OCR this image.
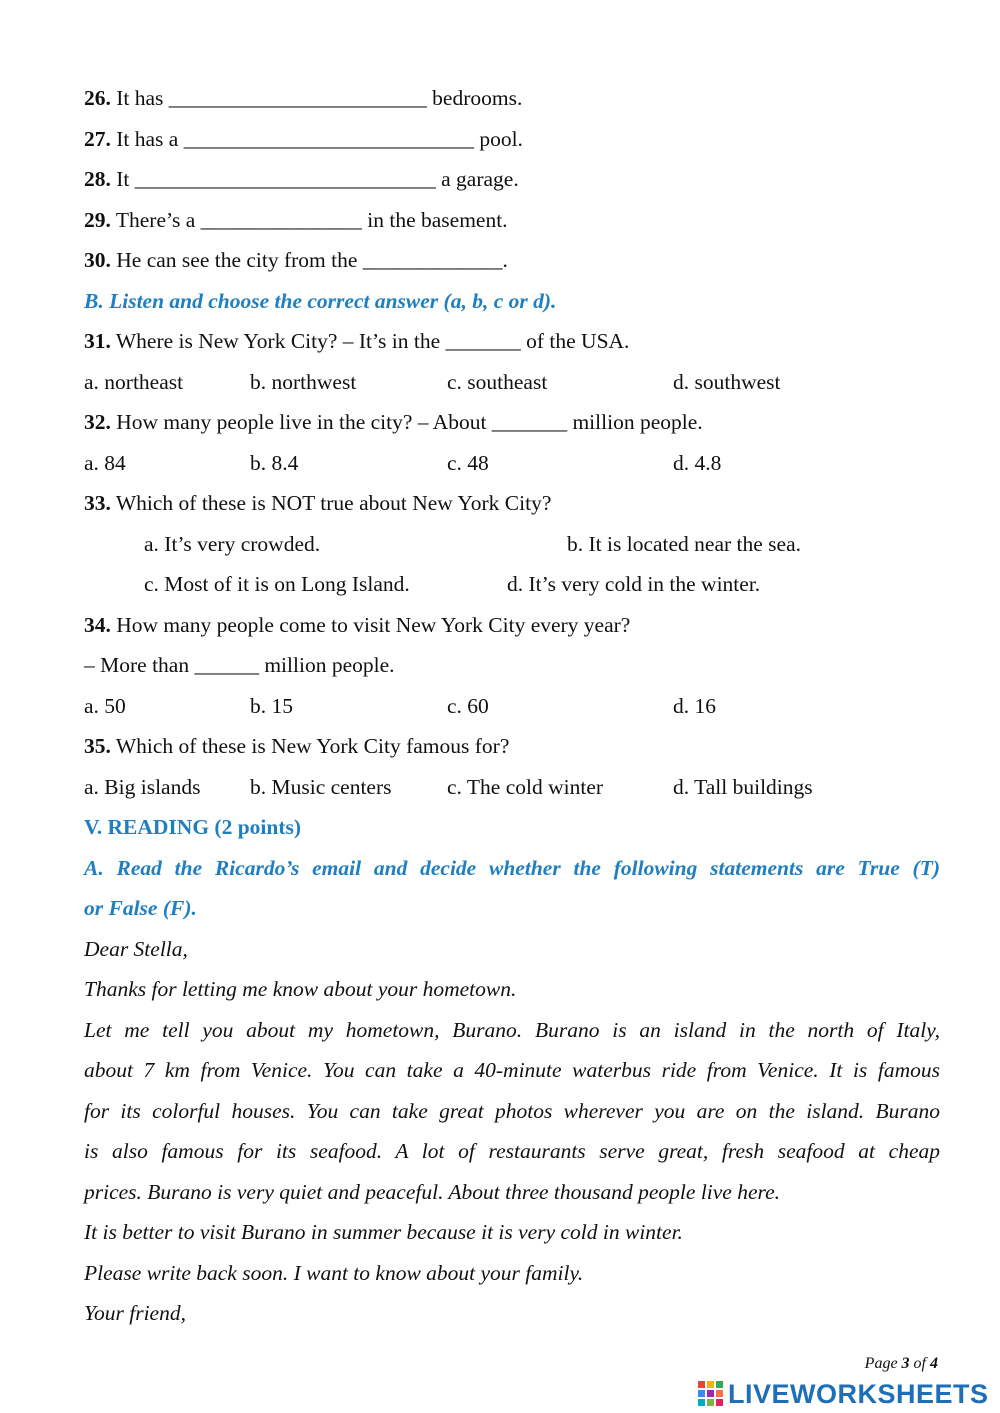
26. It has ________________________ bedrooms.

27. It has a ___________________________ pool.

28. It ____________________________ a garage.

29. There’s a _______________ in the basement.

30. He can see the city from the _____________.

B. Listen and choose the correct answer (a, b, c or d).

31. Where is New York City? – It’s in the _______ of the USA.

a. northeast	b. northwest	c. southeast	d. southwest

32. How many people live in the city? – About _______ million people.

a. 84	b. 8.4	c. 48	d. 4.8

33. Which of these is NOT true about New York City?

a. It’s very crowded.	b. It is located near the sea.
c. Most of it is on Long Island.	d. It’s very cold in the winter.

34. How many people come to visit New York City every year?

– More than ______ million people.

a. 50	b. 15	c. 60	d. 16

35. Which of these is New York City famous for?

a. Big islands b. Music centers	c. The cold winter	d. Tall buildings

V. READING (2 points)

A. Read the Ricardo’s email and decide whether the following statements are True (T)

or False (F).

Dear Stella,

Thanks for letting me know about your hometown.

Let me tell you about my hometown, Burano. Burano is an island in the north of Italy,

about 7 km from Venice. You can take a 40-minute waterbus ride from Venice. It is famous

for its colorful houses. You can take great photos wherever you are on the island. Burano

is also famous for its seafood. A lot of restaurants serve great, fresh seafood at cheap

prices. Burano is very quiet and peaceful. About three thousand people live here.

It is better to visit Burano in summer because it is very cold in winter.

Please write back soon. I want to know about your family.

Your friend,

Page 3 of 4
LIVEWORKSHEETS
